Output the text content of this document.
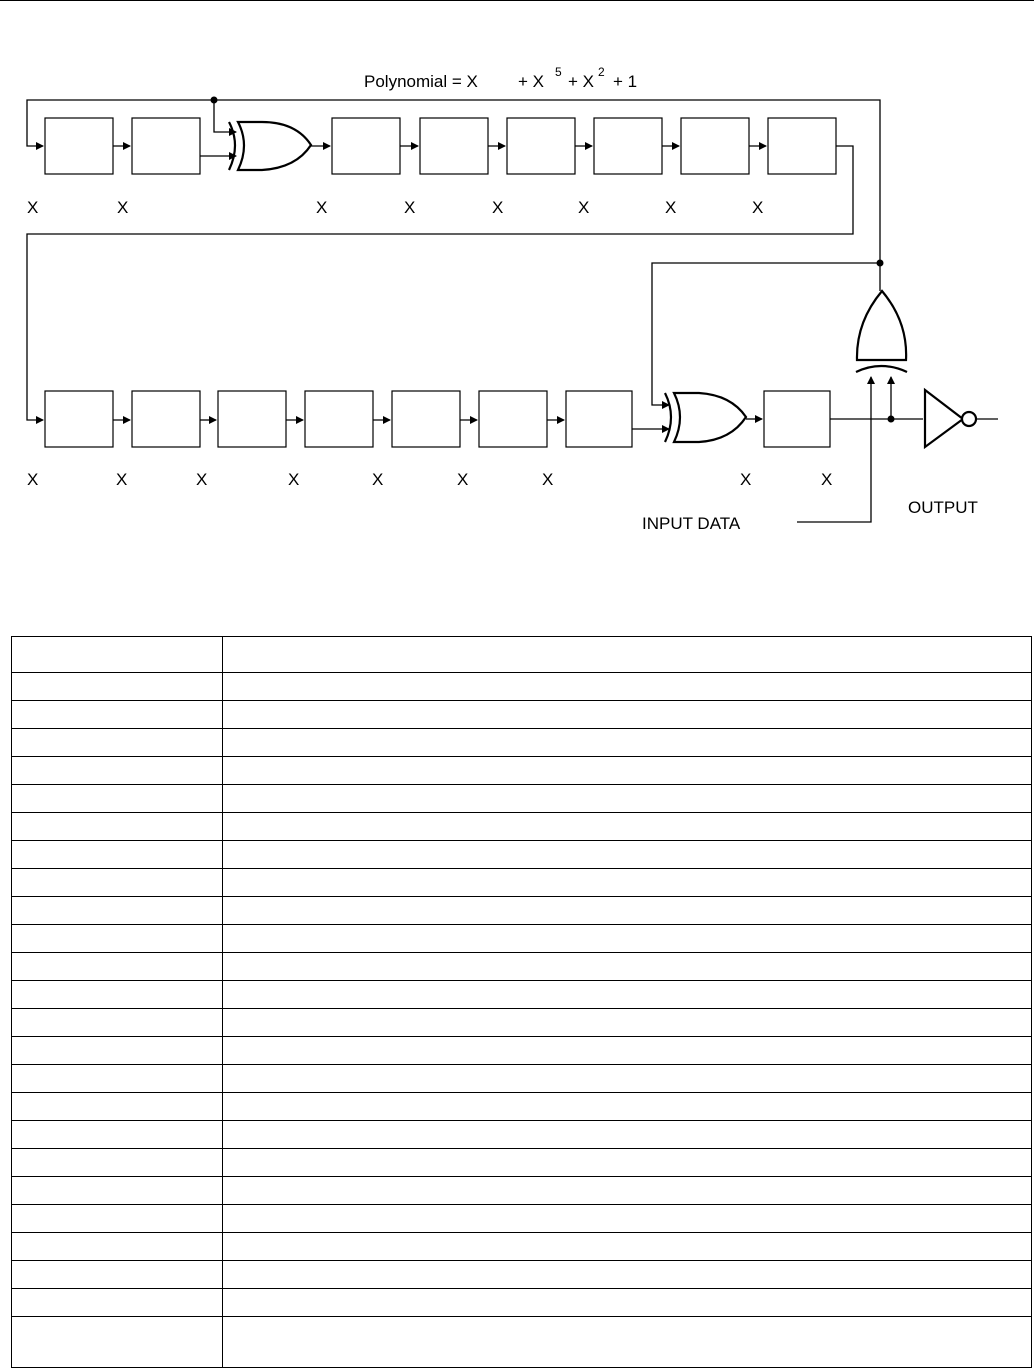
Polynomial = X + X 5 + X 2 + 1
X	X	X	X	X	X	X	X
X	X	X	X	X	X	X	X	X
INPUT DATA
OUTPUT
